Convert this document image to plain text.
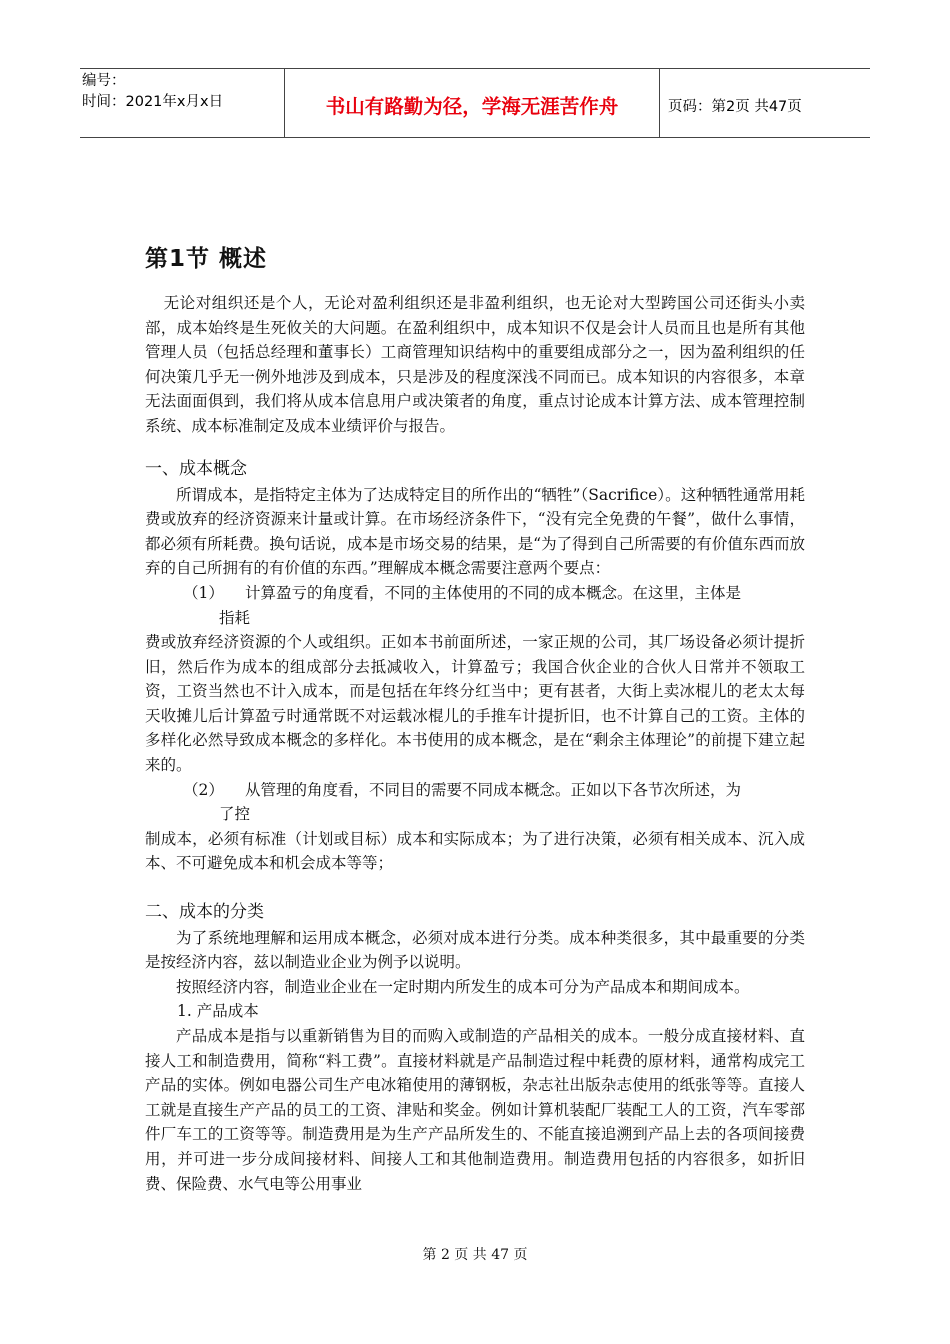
编号：
时间：2021年x月x日	书山有路勤为径，学海无涯苦作舟	页码：第2页 共47页
第1节 概述

无论对组织还是个人，无论对盈利组织还是非盈利组织，也无论对大型跨国公司还街头小卖部，成本始终是生死攸关的大问题。在盈利组织中，成本知识不仅是会计人员而且也是所有其他管理人员（包括总经理和董事长）工商管理知识结构中的重要组成部分之一，因为盈利组织的任何决策几乎无一例外地涉及到成本，只是涉及的程度深浅不同而已。成本知识的内容很多，本章无法面面俱到，我们将从成本信息用户或决策者的角度，重点讨论成本计算方法、成本管理控制系统、成本标准制定及成本业绩评价与报告。

一、成本概念

所谓成本，是指特定主体为了达成特定目的所作出的“牺牲”（Sacrifice）。这种牺牲通常用耗费或放弃的经济资源来计量或计算。在市场经济条件下，“没有完全免费的午餐”，做什么事情，都必须有所耗费。换句话说，成本是市场交易的结果，是“为了得到自己所需要的有价值东西而放弃的自己所拥有的有价值的东西。”理解成本概念需要注意两个要点：

（1） 计算盈亏的角度看，不同的主体使用的不同的成本概念。在这里，主体是
指耗

费或放弃经济资源的个人或组织。正如本书前面所述，一家正规的公司，其厂场设备必须计提折旧，然后作为成本的组成部分去抵减收入，计算盈亏；我国合伙企业的合伙人日常并不领取工资，工资当然也不计入成本，而是包括在年终分红当中；更有甚者，大街上卖冰棍儿的老太太每天收摊儿后计算盈亏时通常既不对运载冰棍儿的手推车计提折旧，也不计算自己的工资。主体的多样化必然导致成本概念的多样化。本书使用的成本概念，是在“剩余主体理论”的前提下建立起来的。

（2） 从管理的角度看，不同目的需要不同成本概念。正如以下各节次所述，为
了控

制成本，必须有标准（计划或目标）成本和实际成本；为了进行决策，必须有相关成本、沉入成本、不可避免成本和机会成本等等；

二、成本的分类

为了系统地理解和运用成本概念，必须对成本进行分类。成本种类很多，其中最重要的分类是按经济内容，兹以制造业企业为例予以说明。

按照经济内容，制造业企业在一定时期内所发生的成本可分为产品成本和期间成本。

1. 产品成本

产品成本是指与以重新销售为目的而购入或制造的产品相关的成本。一般分成直接材料、直接人工和制造费用，简称“料工费”。直接材料就是产品制造过程中耗费的原材料，通常构成完工产品的实体。例如电器公司生产电冰箱使用的薄钢板，杂志社出版杂志使用的纸张等等。直接人工就是直接生产产品的员工的工资、津贴和奖金。例如计算机装配厂装配工人的工资，汽车零部件厂车工的工资等等。制造费用是为生产产品所发生的、不能直接追溯到产品上去的各项间接费用，并可进一步分成间接材料、间接人工和其他制造费用。制造费用包括的内容很多，如折旧费、保险费、水气电等公用事业

第 2 页 共 47 页
